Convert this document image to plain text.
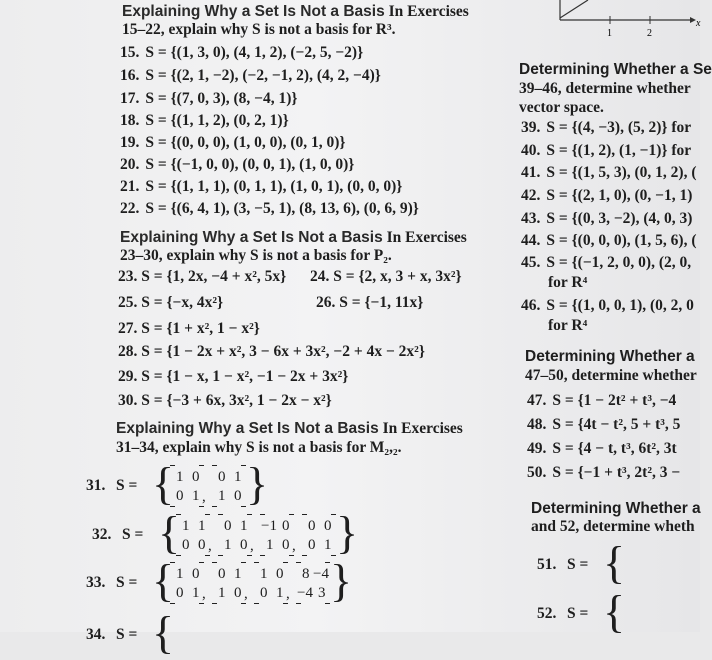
Explaining Why a Set Is Not a Basis In Exercises
15–22, explain why S is not a basis for R³.
15. S = {(1, 3, 0), (4, 1, 2), (−2, 5, −2)}
16. S = {(2, 1, −2), (−2, −1, 2), (4, 2, −4)}
17. S = {(7, 0, 3), (8, −4, 1)}
18. S = {(1, 1, 2), (0, 2, 1)}
19. S = {(0, 0, 0), (1, 0, 0), (0, 1, 0)}
20. S = {(−1, 0, 0), (0, 0, 1), (1, 0, 0)}
21. S = {(1, 1, 1), (0, 1, 1), (1, 0, 1), (0, 0, 0)}
22. S = {(6, 4, 1), (3, −5, 1), (8, 13, 6), (0, 6, 9)}
Explaining Why a Set Is Not a Basis In Exercises
23–30, explain why S is not a basis for P₂.
23. S = {1, 2x, −4 + x², 5x} 24. S = {2, x, 3 + x, 3x²}
25. S = {−x, 4x²}	26. S = {−1, 11x}
27. S = {1 + x², 1 − x²}
28. S = {1 − 2x + x², 3 − 6x + 3x², −2 + 4x − 2x²}
29. S = {1 − x, 1 − x², −1 − 2x + 3x²}
30. S = {−3 + 6x, 3x², 1 − 2x − x²}
Explaining Why a Set Is Not a Basis In Exercises
31–34, explain why S is not a basis for M₂,₂.
31. S = { 1 0
0 1 ,
0 1
1 0 }
32. S = { 1 1
0 0 ,
0 1
1 0 ,
−1 0
1 0 ,
0 0
0 1 }
33. S = { 1 0
0 1 ,
0 1
1 0 ,
1 0
0 1 ,
8 −4
−4 3 }
34. S = {
1	2
x
Determining Whether a Se
39–46, determine whether
vector space.
39. S = {(4, −3), (5, 2)} for
40. S = {(1, 2), (1, −1)} for
41. S = {(1, 5, 3), (0, 1, 2), (
42. S = {(2, 1, 0), (0, −1, 1)
43. S = {(0, 3, −2), (4, 0, 3)
44. S = {(0, 0, 0), (1, 5, 6), (
45. S = {(−1, 2, 0, 0), (2, 0,
for R⁴
46. S = {(1, 0, 0, 1), (0, 2, 0
for R⁴
Determining Whether a
47–50, determine whether
47. S = {1 − 2t² + t³, −4
48. S = {4t − t², 5 + t³, 5
49. S = {4 − t, t³, 6t², 3t
50. S = {−1 + t³, 2t², 3 −
Determining Whether a
and 52, determine wheth
51. S = {
52. S = {
